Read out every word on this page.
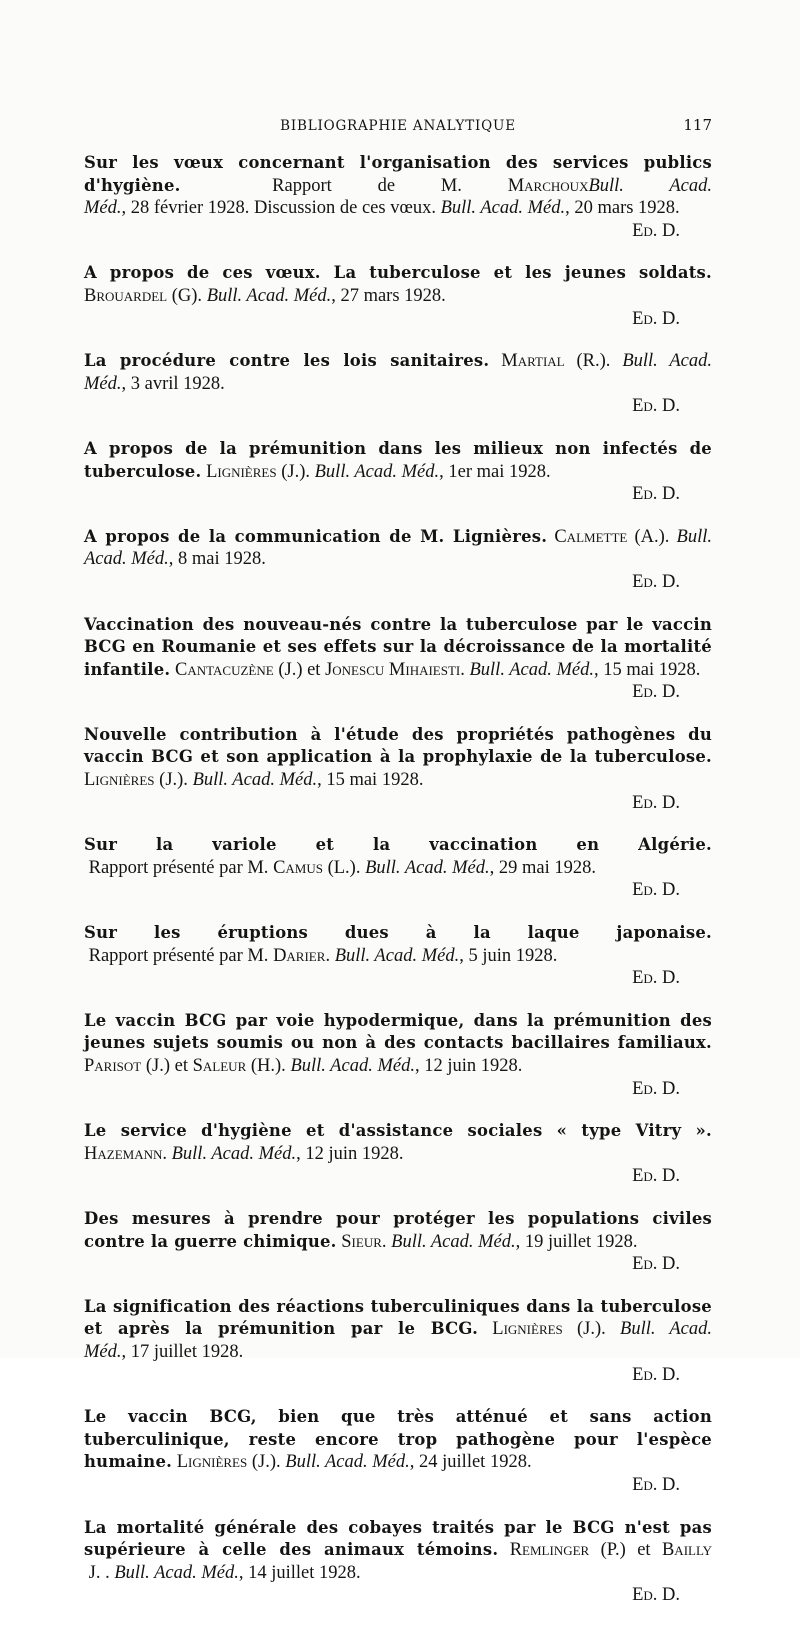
BIBLIOGRAPHIE ANALYTIQUE	117
Sur les vœux concernant l'organisation des services publics d'hygiène.  Rapport de M. MarchouxBull. Acad. Méd., 28 février 1928. Discussion de ces vœux. Bull. Acad. Méd., 20 mars 1928.
Ed. D.
A propos de ces vœux. La tuberculose et les jeunes soldats. Brouardel (G). Bull. Acad. Méd., 27 mars 1928.
Ed. D.
La procédure contre les lois sanitaires. Martial (R.). Bull. Acad. Méd., 3 avril 1928.
Ed. D.
A propos de la prémunition dans les milieux non infectés de tuberculose. Lignières (J.). Bull. Acad. Méd., 1er mai 1928.
Ed. D.
A propos de la communication de M. Lignières. Calmette (A.). Bull. Acad. Méd., 8 mai 1928.
Ed. D.
Vaccination des nouveau-nés contre la tuberculose par le vaccin BCG en Roumanie et ses effets sur la décroissance de la mortalité infantile. Cantacuzène (J.) et Jonescu Mihaiesti. Bull. Acad. Méd., 15 mai 1928.
Ed. D.
Nouvelle contribution à l'étude des propriétés pathogènes du vaccin BCG et son application à la prophylaxie de la tuberculose. Lignières (J.). Bull. Acad. Méd., 15 mai 1928.
Ed. D.
Sur la variole et la vaccination en Algérie.  Rapport présenté par M. Camus (L.). Bull. Acad. Méd., 29 mai 1928.
Ed. D.
Sur les éruptions dues à la laque japonaise.  Rapport présenté par M. Darier. Bull. Acad. Méd., 5 juin 1928.
Ed. D.
Le vaccin BCG par voie hypodermique, dans la prémunition des jeunes sujets soumis ou non à des contacts bacillaires familiaux. Parisot (J.) et Saleur (H.). Bull. Acad. Méd., 12 juin 1928.
Ed. D.
Le service d'hygiène et d'assistance sociales « type Vitry ». Hazemann. Bull. Acad. Méd., 12 juin 1928.
Ed. D.
Des mesures à prendre pour protéger les populations civiles contre la guerre chimique. Sieur. Bull. Acad. Méd., 19 juillet 1928.
Ed. D.
La signification des réactions tuberculiniques dans la tuberculose et après la prémunition par le BCG. Lignières (J.). Bull. Acad. Méd., 17 juillet 1928.
Ed. D.
Le vaccin BCG, bien que très atténué et sans action tuberculinique, reste encore trop pathogène pour l'espèce humaine. Lignières (J.). Bull. Acad. Méd., 24 juillet 1928.
Ed. D.
La mortalité générale des cobayes traités par le BCG n'est pas supérieure à celle des animaux témoins. Remlinger (P.) et Bailly J. . Bull. Acad. Méd., 14 juillet 1928.
Ed. D.
